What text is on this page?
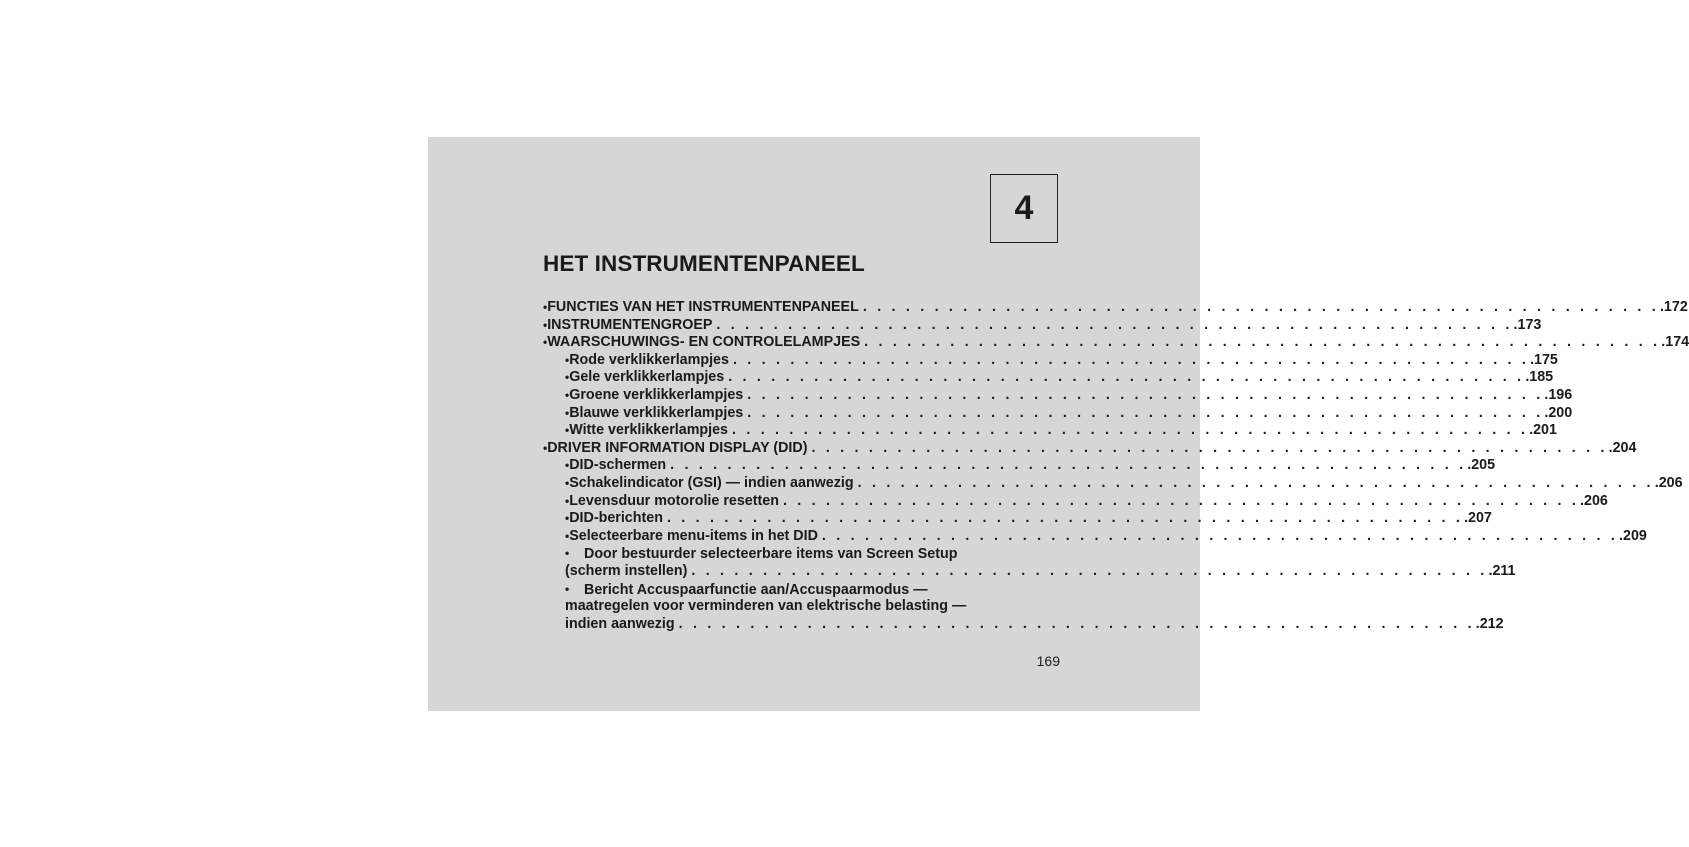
4
HET INSTRUMENTENPANEEL
• FUNCTIES VAN HET INSTRUMENTENPANEEL . . . . . . . . . . . . . . . . . . . . . . . . . . . . . . . . . . . . . . . . . . . . . . . . . . . . . . . . .172
• INSTRUMENTENGROEP . . . . . . . . . . . . . . . . . . . . . . . . . . . . . . . . . . . . . . . . . . . . . . . . . . . . . . . . .173
• WAARSCHUWINGS- EN CONTROLELAMPJES . . . . . . . . . . . . . . . . . . . . . . . . . . . . . . . . . . . . . . . . . . . . . . . . . . . . . . . . .174
• Rode verklikkerlampjes . . . . . . . . . . . . . . . . . . . . . . . . . . . . . . . . . . . . . . . . . . . . . . . . . . . . . . . . .175
• Gele verklikkerlampjes . . . . . . . . . . . . . . . . . . . . . . . . . . . . . . . . . . . . . . . . . . . . . . . . . . . . . . . . .185
• Groene verklikkerlampjes . . . . . . . . . . . . . . . . . . . . . . . . . . . . . . . . . . . . . . . . . . . . . . . . . . . . . . . . .196
• Blauwe verklikkerlampjes . . . . . . . . . . . . . . . . . . . . . . . . . . . . . . . . . . . . . . . . . . . . . . . . . . . . . . . . .200
• Witte verklikkerlampjes . . . . . . . . . . . . . . . . . . . . . . . . . . . . . . . . . . . . . . . . . . . . . . . . . . . . . . . . .201
• DRIVER INFORMATION DISPLAY (DID) . . . . . . . . . . . . . . . . . . . . . . . . . . . . . . . . . . . . . . . . . . . . . . . . . . . . . . . . .204
• DID-schermen . . . . . . . . . . . . . . . . . . . . . . . . . . . . . . . . . . . . . . . . . . . . . . . . . . . . . . . . .205
• Schakelindicator (GSI) — indien aanwezig . . . . . . . . . . . . . . . . . . . . . . . . . . . . . . . . . . . . . . . . . . . . . . . . . . . . . . . . .206
• Levensduur motorolie resetten . . . . . . . . . . . . . . . . . . . . . . . . . . . . . . . . . . . . . . . . . . . . . . . . . . . . . . . . .206
• DID-berichten . . . . . . . . . . . . . . . . . . . . . . . . . . . . . . . . . . . . . . . . . . . . . . . . . . . . . . . . .207
• Selecteerbare menu-items in het DID . . . . . . . . . . . . . . . . . . . . . . . . . . . . . . . . . . . . . . . . . . . . . . . . . . . . . . . . .209
• Door bestuurder selecteerbare items van Screen Setup
(scherm instellen) . . . . . . . . . . . . . . . . . . . . . . . . . . . . . . . . . . . . . . . . . . . . . . . . . . . . . . . . .211
• Bericht Accuspaarfunctie aan/Accuspaarmodus —
maatregelen voor verminderen van elektrische belasting —
indien aanwezig . . . . . . . . . . . . . . . . . . . . . . . . . . . . . . . . . . . . . . . . . . . . . . . . . . . . . . . . .212
169
